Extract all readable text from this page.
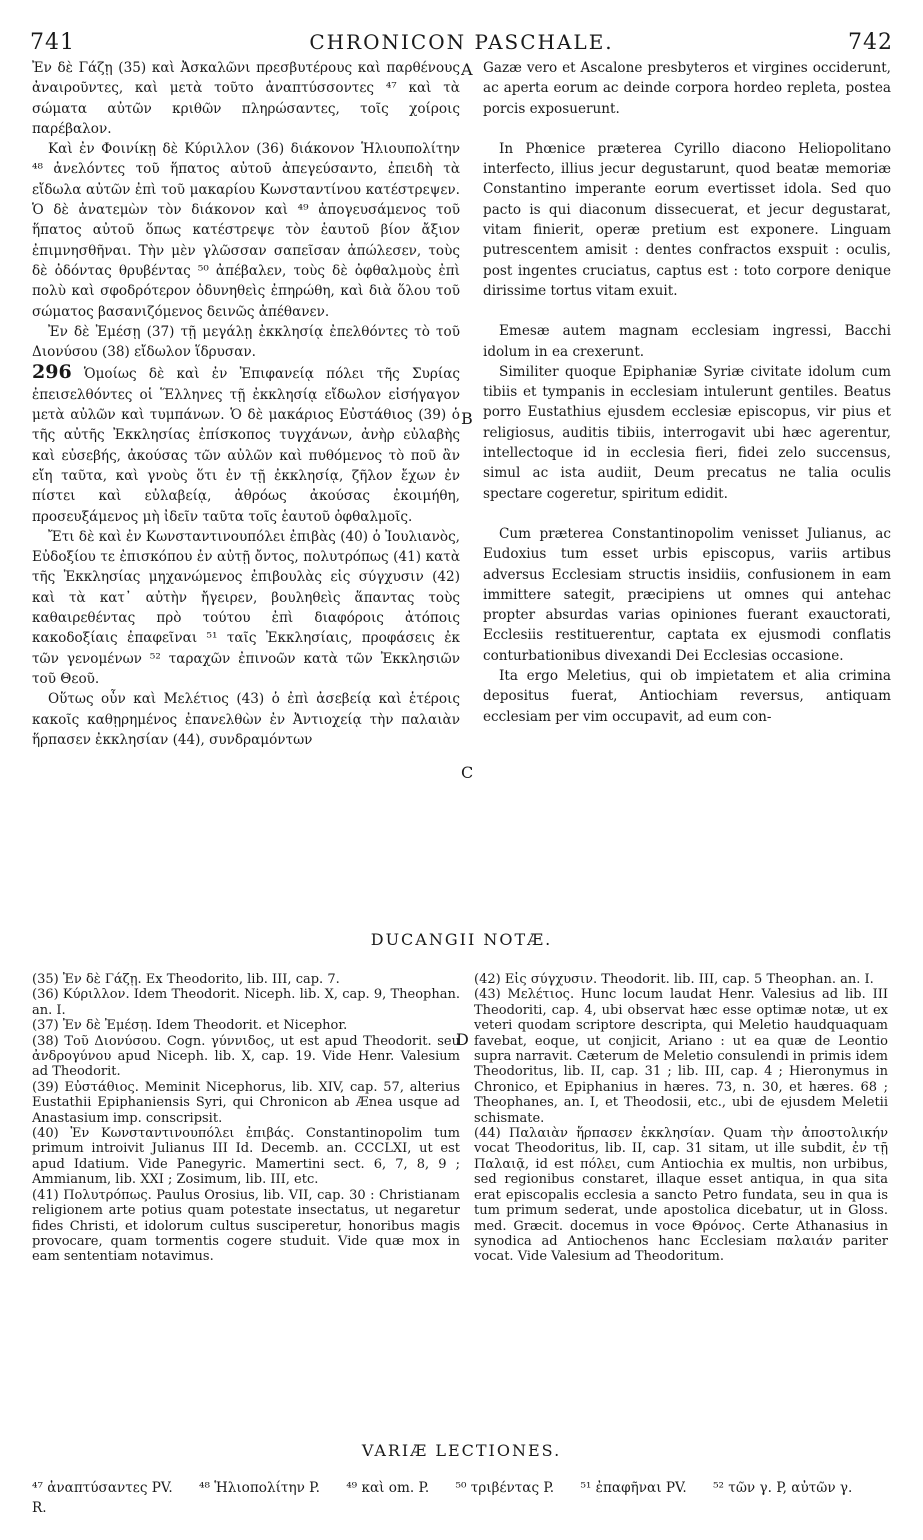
741	CHRONICON PASCHALE.	742
A
B
C
D

Ἐν δὲ Γάζῃ (35) καὶ Ἀσκαλῶνι πρεσβυτέρους καὶ παρθένους ἀναιροῦντες, καὶ μετὰ τοῦτο ἀναπτύσσοντες ⁴⁷ καὶ τὰ σώματα αὐτῶν κριθῶν πληρώσαντες, τοῖς χοίροις παρέβαλον.

Καὶ ἐν Φοινίκῃ δὲ Κύριλλον (36) διάκονον Ἡλιουπολίτην ⁴⁸ ἀνελόντες τοῦ ἥπατος αὐτοῦ ἀπεγεύσαντο, ἐπειδὴ τὰ εἴδωλα αὐτῶν ἐπὶ τοῦ μακαρίου Κωνσταντίνου κατέστρεψεν. Ὁ δὲ ἀνατεμὼν τὸν διάκονον καὶ ⁴⁹ ἀπογευσάμενος τοῦ ἥπατος αὐτοῦ ὅπως κατέστρεψε τὸν ἑαυτοῦ βίον ἄξιον ἐπιμνησθῆναι. Τὴν μὲν γλῶσσαν σαπεῖσαν ἀπώλεσεν, τοὺς δὲ ὀδόντας θρυβέντας ⁵⁰ ἀπέβαλεν, τοὺς δὲ ὀφθαλμοὺς ἐπὶ πολὺ καὶ σφοδρότερον ὀδυνηθεὶς ἐπηρώθη, καὶ διὰ ὅλου τοῦ σώματος βασανιζόμενος δεινῶς ἀπέθανεν.

Ἐν δὲ Ἐμέσῃ (37) τῇ μεγάλῃ ἐκκλησίᾳ ἐπελθόντες τὸ τοῦ Διονύσου (38) εἴδωλον ἵδρυσαν.

296 Ὁμοίως δὲ καὶ ἐν Ἐπιφανείᾳ πόλει τῆς Συρίας ἐπεισελθόντες οἱ Ἕλληνες τῇ ἐκκλησίᾳ εἴδωλον εἰσήγαγον μετὰ αὐλῶν καὶ τυμπάνων. Ὁ δὲ μακάριος Εὐστάθιος (39) ὁ τῆς αὐτῆς Ἐκκλησίας ἐπίσκοπος τυγχάνων, ἀνὴρ εὐλαβὴς καὶ εὐσεβής, ἀκούσας τῶν αὐλῶν καὶ πυθόμενος τὸ ποῦ ἂν εἴη ταῦτα, καὶ γνοὺς ὅτι ἐν τῇ ἐκκλησίᾳ, ζῆλον ἔχων ἐν πίστει καὶ εὐλαβείᾳ, ἀθρόως ἀκούσας ἐκοιμήθη, προσευξάμενος μὴ ἰδεῖν ταῦτα τοῖς ἑαυτοῦ ὀφθαλμοῖς.

Ἔτι δὲ καὶ ἐν Κωνσταντινουπόλει ἐπιβὰς (40) ὁ Ἰουλιανὸς, Εὐδοξίου τε ἐπισκόπου ἐν αὐτῇ ὄντος, πολυτρόπως (41) κατὰ τῆς Ἐκκλησίας μηχανώμενος ἐπιβουλὰς εἰς σύγχυσιν (42) καὶ τὰ κατ᾽ αὐτὴν ἤγειρεν, βουληθεὶς ἅπαντας τοὺς καθαιρεθέντας πρὸ τούτου ἐπὶ διαφόροις ἀτόποις κακοδοξίαις ἐπαφεῖναι ⁵¹ ταῖς Ἐκκλησίαις, προφάσεις ἐκ τῶν γενομένων ⁵² ταραχῶν ἐπινοῶν κατὰ τῶν Ἐκκλησιῶν τοῦ Θεοῦ.

Οὕτως οὖν καὶ Μελέτιος (43) ὁ ἐπὶ ἀσεβείᾳ καὶ ἑτέροις κακοῖς καθῃρημένος ἐπανελθὼν ἐν Ἀντιοχείᾳ τὴν παλαιὰν ἥρπασεν ἐκκλησίαν (44), συνδραμόντων

Gazæ vero et Ascalone presbyteros et virgines occiderunt, ac aperta eorum ac deinde corpora hordeo repleta, postea porcis exposuerunt.

In Phœnice præterea Cyrillo diacono Heliopolitano interfecto, illius jecur degustarunt, quod beatæ memoriæ Constantino imperante eorum evertisset idola. Sed quo pacto is qui diaconum dissecuerat, et jecur degustarat, vitam finierit, operæ pretium est exponere. Linguam putrescentem amisit : dentes confractos exspuit : oculis, post ingentes cruciatus, captus est : toto corpore denique dirissime tortus vitam exuit.

Emesæ autem magnam ecclesiam ingressi, Bacchi idolum in ea crexerunt.

Similiter quoque Epiphaniæ Syriæ civitate idolum cum tibiis et tympanis in ecclesiam intulerunt gentiles. Beatus porro Eustathius ejusdem ecclesiæ episcopus, vir pius et religiosus, auditis tibiis, interrogavit ubi hæc agerentur, intellectoque id in ecclesia fieri, fidei zelo succensus, simul ac ista audiit, Deum precatus ne talia oculis spectare cogeretur, spiritum edidit.

Cum præterea Constantinopolim venisset Julianus, ac Eudoxius tum esset urbis episcopus, variis artibus adversus Ecclesiam structis insidiis, confusionem in eam immittere sategit, præcipiens ut omnes qui antehac propter absurdas varias opiniones fuerant exauctorati, Ecclesiis restituerentur, captata ex ejusmodi conflatis conturbationibus divexandi Dei Ecclesias occasione.

Ita ergo Meletius, qui ob impietatem et alia crimina depositus fuerat, Antiochiam reversus, antiquam ecclesiam per vim occupavit, ad eum con-

DUCANGII NOTÆ.

(35) Ἐν δὲ Γάζῃ. Ex Theodorito, lib. III, cap. 7.

(36) Κύριλλον. Idem Theodorit. Niceph. lib. X, cap. 9, Theophan. an. I.

(37) Ἐν δὲ Ἐμέσῃ. Idem Theodorit. et Nicephor.

(38) Τοῦ Διονύσου. Cogn. γύννιδος, ut est apud Theodorit. seu ἀνδρογύνου apud Niceph. lib. X, cap. 19. Vide Henr. Valesium ad Theodorit.

(39) Εὐστάθιος. Meminit Nicephorus, lib. XIV, cap. 57, alterius Eustathii Epiphaniensis Syri, qui Chronicon ab Ænea usque ad Anastasium imp. conscripsit.

(40) Ἐν Κωνσταντινουπόλει ἐπιβάς. Constantinopolim tum primum introivit Julianus III Id. Decemb. an. CCCLXI, ut est apud Idatium. Vide Panegyric. Mamertini sect. 6, 7, 8, 9 ; Ammianum, lib. XXI ; Zosimum, lib. III, etc.

(41) Πολυτρόπως. Paulus Orosius, lib. VII, cap. 30 : Christianam religionem arte potius quam potestate insectatus, ut negaretur fides Christi, et idolorum cultus susciperetur, honoribus magis provocare, quam tormentis cogere studuit. Vide quæ mox in eam sententiam notavimus.

(42) Εἰς σύγχυσιν. Theodorit. lib. III, cap. 5 Theophan. an. I.

(43) Μελέτιος. Hunc locum laudat Henr. Valesius ad lib. III Theodoriti, cap. 4, ubi observat hæc esse optimæ notæ, ut ex veteri quodam scriptore descripta, qui Meletio haudquaquam favebat, eoque, ut conjicit, Ariano : ut ea quæ de Leontio supra narravit. Cæterum de Meletio consulendi in primis idem Theodoritus, lib. II, cap. 31 ; lib. III, cap. 4 ; Hieronymus in Chronico, et Epiphanius in hæres. 73, n. 30, et hæres. 68 ; Theophanes, an. I, et Theodosii, etc., ubi de ejusdem Meletii schismate.

(44) Παλαιὰν ἥρπασεν ἐκκλησίαν. Quam τὴν ἀποστολικήν vocat Theodoritus, lib. II, cap. 31 sitam, ut ille subdit, ἐν τῇ Παλαιᾷ, id est πόλει, cum Antiochia ex multis, non urbibus, sed regionibus constaret, illaque esset antiqua, in qua sita erat episcopalis ecclesia a sancto Petro fundata, seu in qua is tum primum sederat, unde apostolica dicebatur, ut in Gloss. med. Græcit. docemus in voce Θρόνος. Certe Athanasius in synodica ad Antiochenos hanc Ecclesiam παλαιάν pariter vocat. Vide Valesium ad Theodoritum.

VARIÆ LECTIONES.
⁴⁷ ἀναπτύσαντες PV. ⁴⁸ Ἡλιοπολίτην P. ⁴⁹ καὶ om. P. ⁵⁰ τριβέντας P. ⁵¹ ἐπαφῆναι PV. ⁵² τῶν γ. P, αὐτῶν γ. R.
